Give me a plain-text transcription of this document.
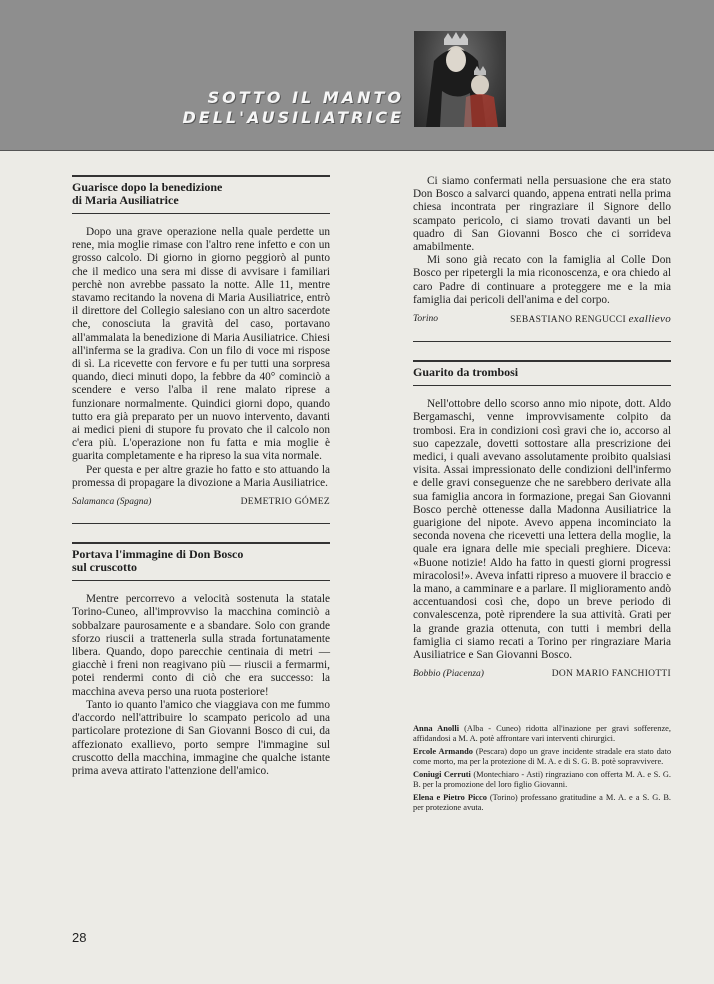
SOTTO IL MANTO
DELL'AUSILIATRICE
Guarisce dopo la benedizione
di Maria Ausiliatrice

Dopo una grave operazione nella quale perdette un rene, mia moglie rimase con l'altro rene infetto e con un grosso calcolo. Di giorno in giorno peggiorò al punto che il medico una sera mi disse di avvisare i familiari perchè non avrebbe passato la notte. Alle 11, mentre stavamo recitando la novena di Maria Ausiliatrice, entrò il direttore del Collegio salesiano con un altro sacerdote che, conosciuta la gravità del caso, portavano all'ammalata la benedizione di Maria Ausiliatrice. Chiesi all'inferma se la gradiva. Con un filo di voce mi rispose di sì. La ricevette con fervore e fu per tutti una sorpresa quando, dieci minuti dopo, la febbre da 40° cominciò a scendere e verso l'alba il rene malato riprese a funzionare normalmente. Quindici giorni dopo, quando tutto era già preparato per un nuovo intervento, davanti ai medici pieni di stupore fu provato che il calcolo non c'era più. L'operazione non fu fatta e mia moglie è guarita completamente e ha ripreso la sua vita normale.

Per questa e per altre grazie ho fatto e sto attuando la promessa di propagare la divozione a Maria Ausiliatrice.

Salamanca (Spagna)	DEMETRIO GÓMEZ
Portava l'immagine di Don Bosco
sul cruscotto

Mentre percorrevo a velocità sostenuta la statale Torino-Cuneo, all'improvviso la macchina cominciò a sobbalzare paurosamente e a sbandare. Solo con grande sforzo riuscii a trattenerla sulla strada fortunatamente libera. Quando, dopo parecchie centinaia di metri — giacchè i freni non reagivano più — riuscii a fermarmi, potei rendermi conto di ciò che era successo: la macchina aveva perso una ruota posteriore!

Tanto io quanto l'amico che viaggiava con me fummo d'accordo nell'attribuire lo scampato pericolo ad una particolare protezione di San Giovanni Bosco di cui, da affezionato exallievo, porto sempre l'immagine sul cruscotto della macchina, immagine che qualche istante prima aveva attirato l'attenzione dell'amico.

Ci siamo confermati nella persuasione che era stato Don Bosco a salvarci quando, appena entrati nella prima chiesa incontrata per ringraziare il Signore dello scampato pericolo, ci siamo trovati davanti un bel quadro di San Giovanni Bosco che ci sorrideva amabilmente.

Mi sono già recato con la famiglia al Colle Don Bosco per ripetergli la mia riconoscenza, e ora chiedo al caro Padre di continuare a proteggere me e la mia famiglia dai pericoli dell'anima e del corpo.

Torino	SEBASTIANO RENGUCCI exallievo
Guarito da trombosi

Nell'ottobre dello scorso anno mio nipote, dott. Aldo Bergamaschi, venne improvvisamente colpito da trombosi. Era in condizioni così gravi che io, accorso al suo capezzale, dovetti sottostare alla prescrizione dei medici, i quali avevano assolutamente proibito qualsiasi visita. Assai impressionato delle condizioni dell'infermo e delle gravi conseguenze che ne sarebbero derivate alla sua famiglia ancora in formazione, pregai San Giovanni Bosco perchè ottenesse dalla Madonna Ausiliatrice la guarigione del nipote. Avevo appena incominciato la seconda novena che ricevetti una lettera della moglie, la quale era ignara delle mie speciali preghiere. Diceva: «Buone notizie! Aldo ha fatto in questi giorni progressi miracolosi!». Aveva infatti ripreso a muovere il braccio e la mano, a camminare e a parlare. Il miglioramento andò accentuandosi così che, dopo un breve periodo di convalescenza, potè riprendere la sua attività. Grati per la grande grazia ottenuta, con tutti i membri della famiglia ci siamo recati a Torino per ringraziare Maria Ausiliatrice e San Giovanni Bosco.

Bobbio (Piacenza)	DON MARIO FANCHIOTTI

Anna Anolli (Alba - Cuneo) ridotta all'inazione per gravi sofferenze, affidandosi a M. A. potè affrontare vari interventi chirurgici.

Ercole Armando (Pescara) dopo un grave incidente stradale era stato dato come morto, ma per la protezione di M. A. e di S. G. B. potè sopravvivere.

Coniugi Cerruti (Montechiaro - Asti) ringraziano con offerta M. A. e S. G. B. per la promozione del loro figlio Giovanni.

Elena e Pietro Picco (Torino) professano gratitudine a M. A. e a S. G. B. per protezione avuta.

28
